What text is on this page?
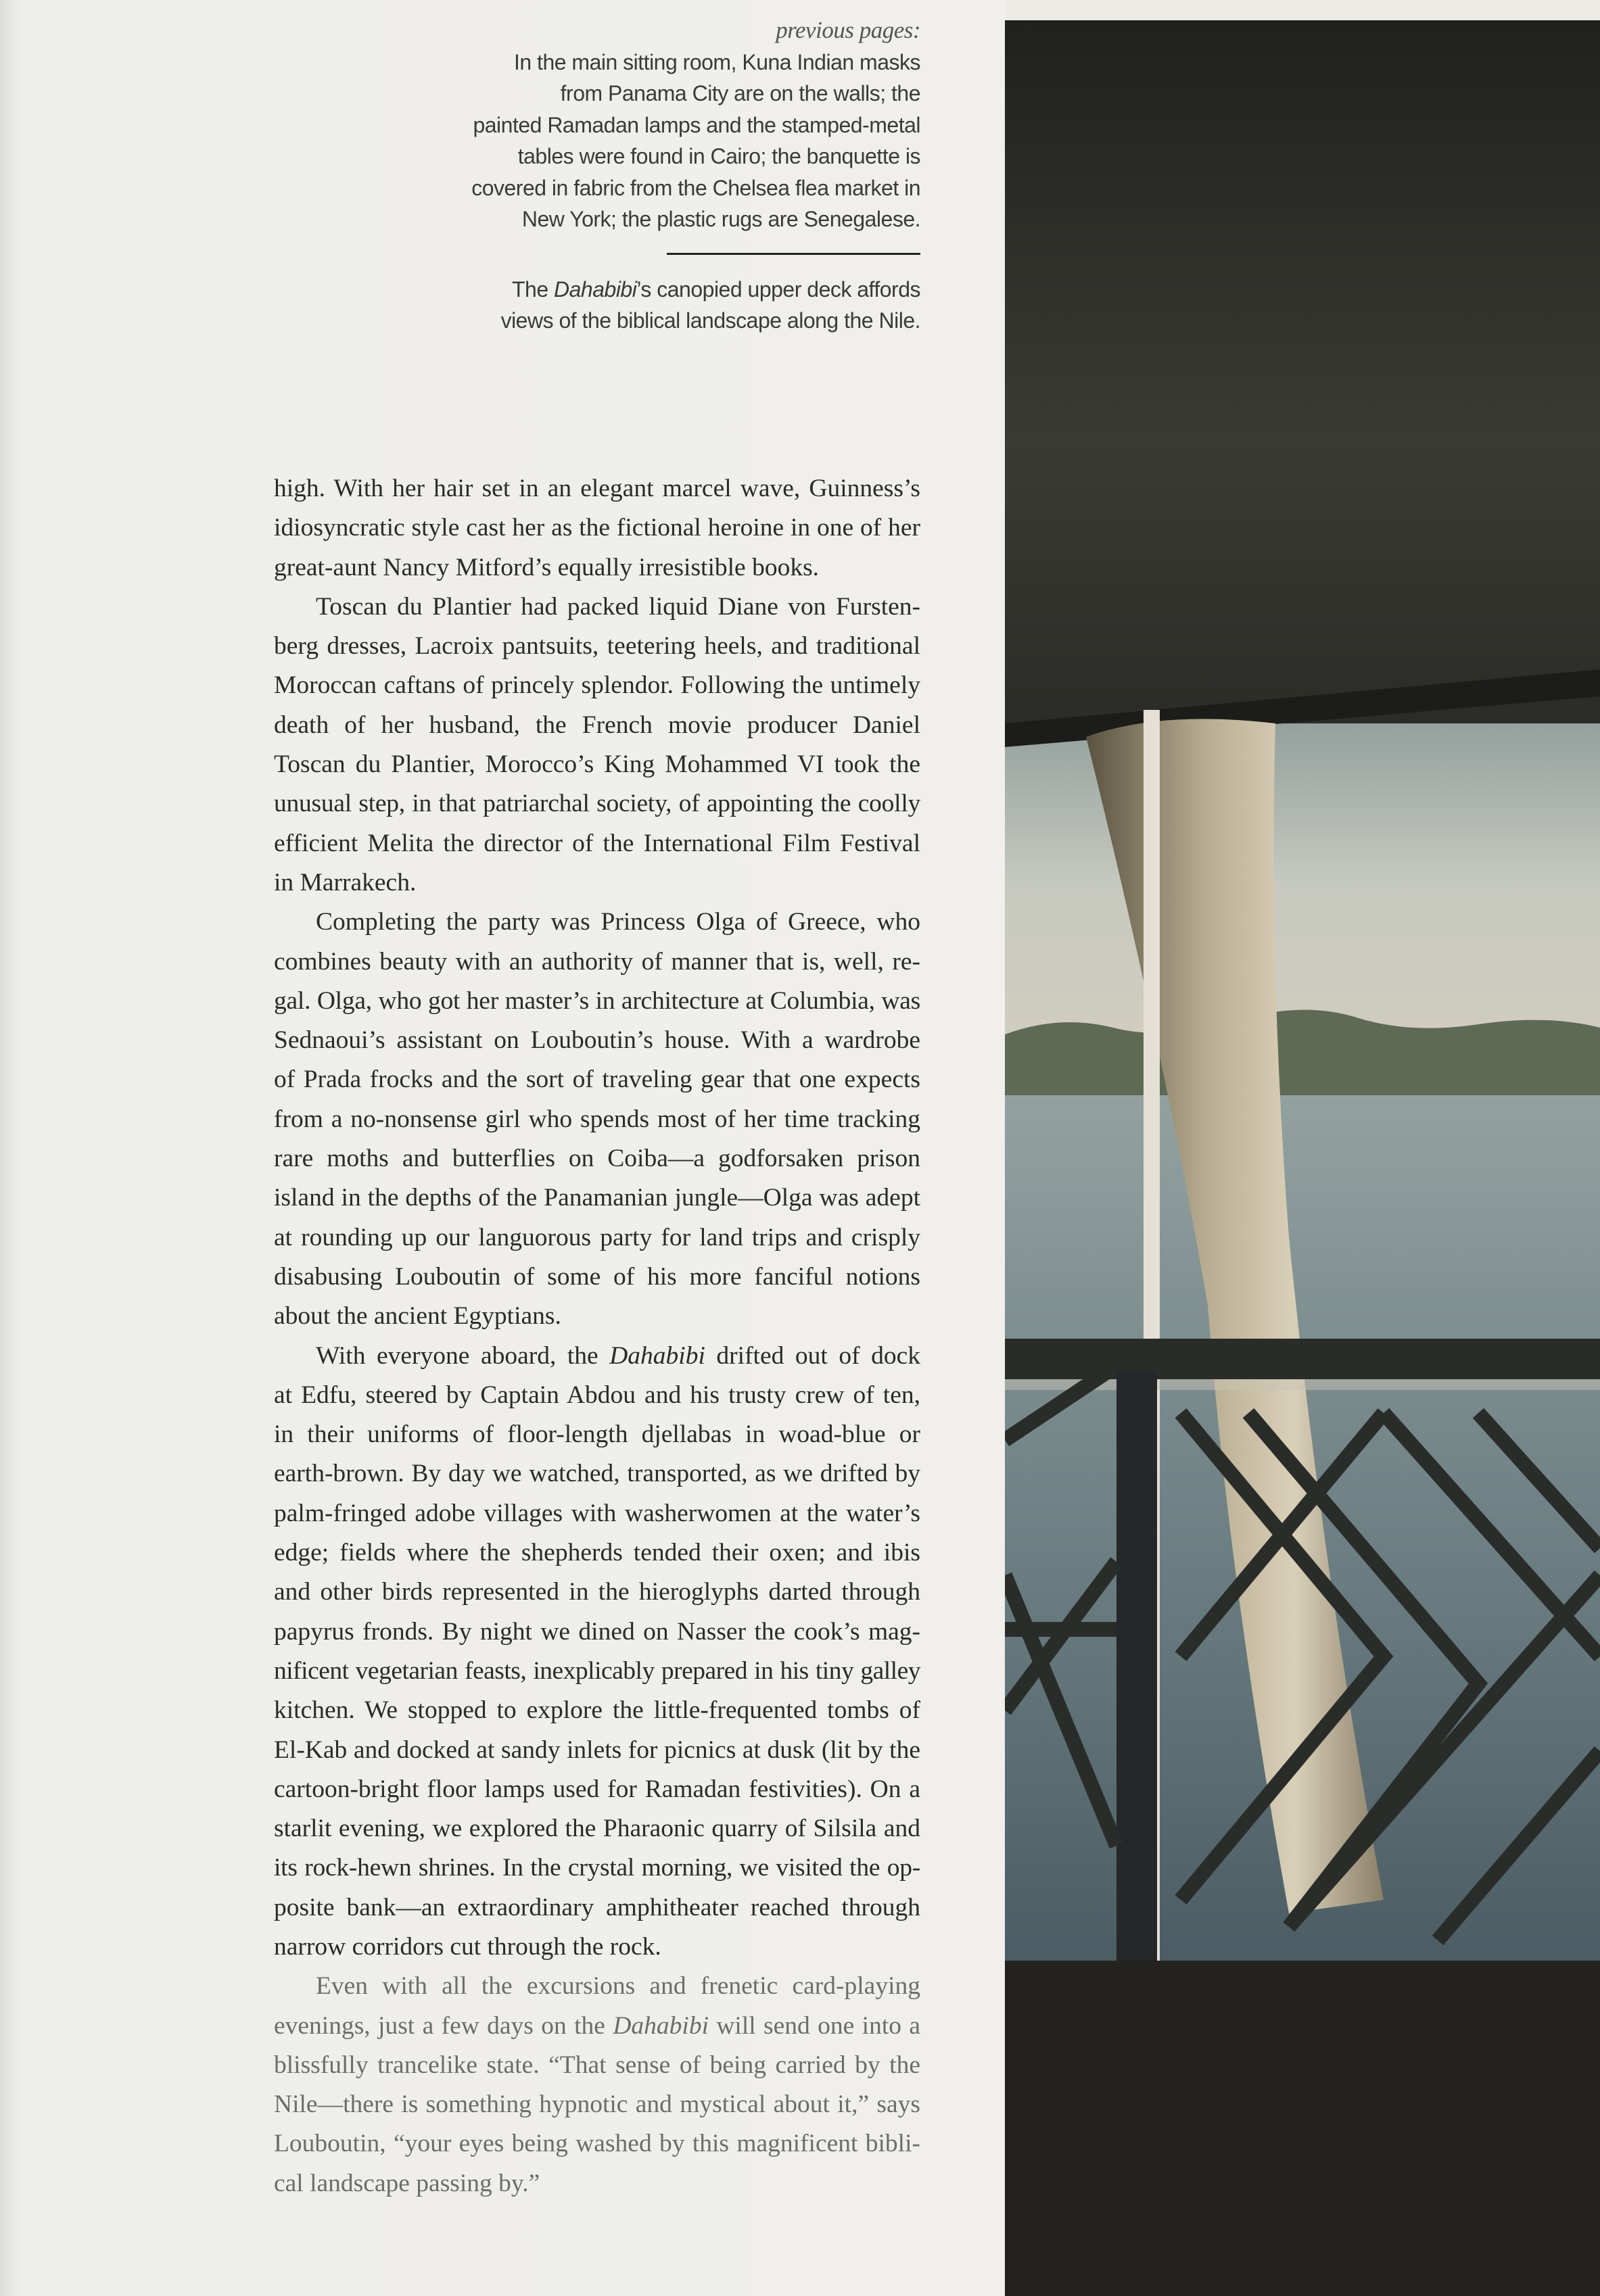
previous pages:
In the main sitting room, Kuna Indian masks
from Panama City are on the walls; the
painted Ramadan lamps and the stamped-metal
tables were found in Cairo; the banquette is
covered in fabric from the Chelsea flea market in
New York; the plastic rugs are Senegalese.
The Dahabibi’s canopied upper deck affords
views of the biblical landscape along the Nile.
high. With her hair set in an elegant marcel wave, Guinness’s
idiosyncratic style cast her as the fictional heroine in one of her
great-aunt Nancy Mitford’s equally irresistible books.
Toscan du Plantier had packed liquid Diane von Fursten-
berg dresses, Lacroix pantsuits, teetering heels, and traditional
Moroccan caftans of princely splendor. Following the untimely
death of her husband, the French movie producer Daniel
Toscan du Plantier, Morocco’s King Mohammed VI took the
unusual step, in that patriarchal society, of appointing the coolly
efficient Melita the director of the International Film Festival
in Marrakech.
Completing the party was Princess Olga of Greece, who
combines beauty with an authority of manner that is, well, re-
gal. Olga, who got her master’s in architecture at Columbia, was
Sednaoui’s assistant on Louboutin’s house. With a wardrobe
of Prada frocks and the sort of traveling gear that one expects
from a no-nonsense girl who spends most of her time tracking
rare moths and butterflies on Coiba—a godforsaken prison
island in the depths of the Panamanian jungle—Olga was adept
at rounding up our languorous party for land trips and crisply
disabusing Louboutin of some of his more fanciful notions
about the ancient Egyptians.
With everyone aboard, the Dahabibi drifted out of dock
at Edfu, steered by Captain Abdou and his trusty crew of ten,
in their uniforms of floor-length djellabas in woad-blue or
earth-brown. By day we watched, transported, as we drifted by
palm-fringed adobe villages with washerwomen at the water’s
edge; fields where the shepherds tended their oxen; and ibis
and other birds represented in the hieroglyphs darted through
papyrus fronds. By night we dined on Nasser the cook’s mag-
nificent vegetarian feasts, inexplicably prepared in his tiny galley
kitchen. We stopped to explore the little-frequented tombs of
El-Kab and docked at sandy inlets for picnics at dusk (lit by the
cartoon-bright floor lamps used for Ramadan festivities). On a
starlit evening, we explored the Pharaonic quarry of Silsila and
its rock-hewn shrines. In the crystal morning, we visited the op-
posite bank—an extraordinary amphitheater reached through
narrow corridors cut through the rock.
Even with all the excursions and frenetic card-playing
evenings, just a few days on the Dahabibi will send one into a
blissfully trancelike state. “That sense of being carried by the
Nile—there is something hypnotic and mystical about it,” says
Louboutin, “your eyes being washed by this magnificent bibli-
cal landscape passing by.”
